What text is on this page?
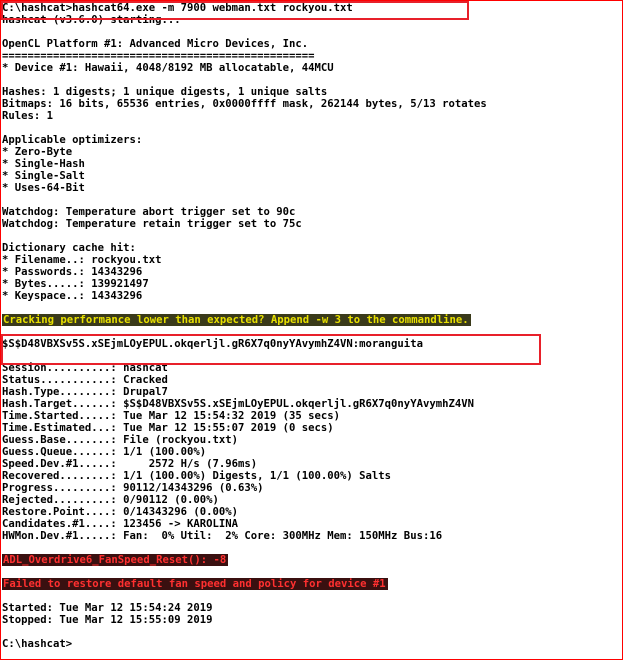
C:\hashcat>hashcat64.exe -m 7900 webman.txt rockyou.txt
hashcat (v3.6.0) starting...
OpenCL Platform #1: Advanced Micro Devices, Inc.
=================================================
* Device #1: Hawaii, 4048/8192 MB allocatable, 44MCU
Hashes: 1 digests; 1 unique digests, 1 unique salts
Bitmaps: 16 bits, 65536 entries, 0x0000ffff mask, 262144 bytes, 5/13 rotates
Rules: 1
Applicable optimizers:
* Zero-Byte
* Single-Hash
* Single-Salt
* Uses-64-Bit
Watchdog: Temperature abort trigger set to 90c
Watchdog: Temperature retain trigger set to 75c
Dictionary cache hit:
* Filename..: rockyou.txt
* Passwords.: 14343296
* Bytes.....: 139921497
* Keyspace..: 14343296
Cracking performance lower than expected? Append -w 3 to the commandline.
$S$D48VBXSv5S.xSEjmLOyEPUL.okqerljl.gR6X7q0nyYAvymhZ4VN:moranguita
Session..........: hashcat
Status...........: Cracked
Hash.Type........: Drupal7
Hash.Target......: $S$D48VBXSv5S.xSEjmLOyEPUL.okqerljl.gR6X7q0nyYAvymhZ4VN
Time.Started.....: Tue Mar 12 15:54:32 2019 (35 secs)
Time.Estimated...: Tue Mar 12 15:55:07 2019 (0 secs)
Guess.Base.......: File (rockyou.txt)
Guess.Queue......: 1/1 (100.00%)
Speed.Dev.#1.....:     2572 H/s (7.96ms)
Recovered........: 1/1 (100.00%) Digests, 1/1 (100.00%) Salts
Progress.........: 90112/14343296 (0.63%)
Rejected.........: 0/90112 (0.00%)
Restore.Point....: 0/14343296 (0.00%)
Candidates.#1....: 123456 -> KAROLINA
HWMon.Dev.#1.....: Fan:  0% Util:  2% Core: 300MHz Mem: 150MHz Bus:16
ADL_Overdrive6_FanSpeed_Reset(): -8
Failed to restore default fan speed and policy for device #1
Started: Tue Mar 12 15:54:24 2019
Stopped: Tue Mar 12 15:55:09 2019
C:\hashcat>
